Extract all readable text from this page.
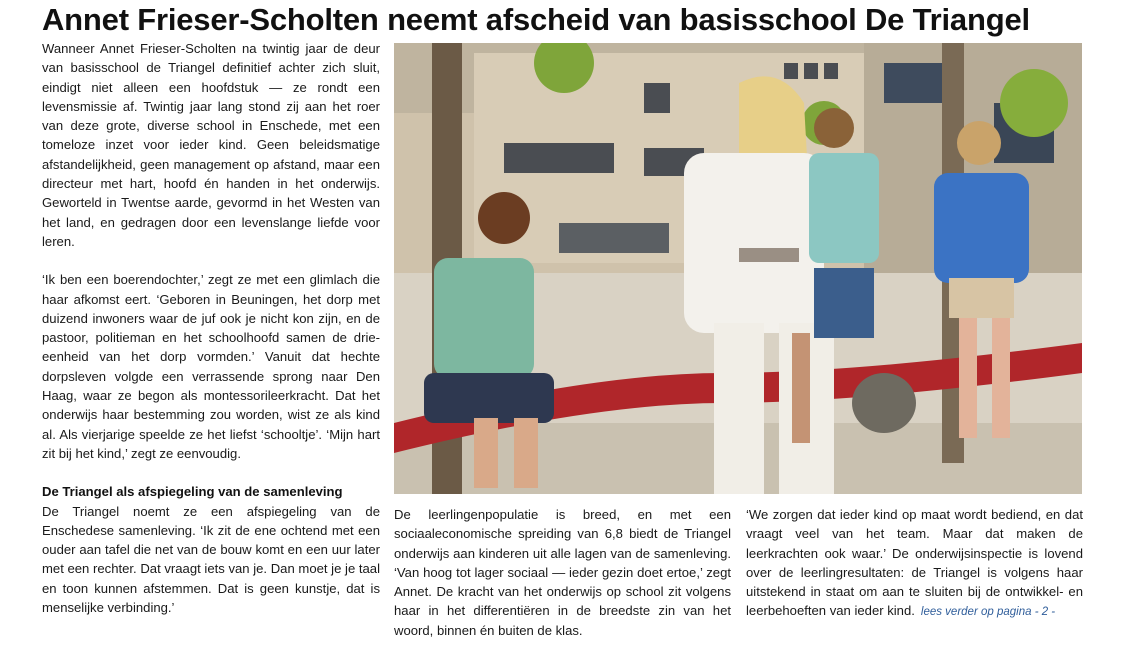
Annet Frieser-Scholten neemt afscheid van basisschool De Triangel

Wanneer Annet Frieser-Scholten na twintig jaar de deur van basisschool de Triangel definitief achter zich sluit, eindigt niet alleen een hoofdstuk — ze rondt een levensmissie af. Twintig jaar lang stond zij aan het roer van deze grote, diverse school in Enschede, met een tomeloze inzet voor ieder kind. Geen beleidsmatige afstandelijkheid, geen management op afstand, maar een directeur met hart, hoofd én handen in het onderwijs. Geworteld in Twentse aarde, gevormd in het Westen van het land, en gedragen door een levenslange liefde voor leren.

‘Ik ben een boerendochter,’ zegt ze met een glimlach die haar afkomst eert. ‘Geboren in Beuningen, het dorp met duizend inwoners waar de juf ook je nicht kon zijn, en de pastoor, politieman en het schoolhoofd samen de drie-eenheid van het dorp vormden.’ Vanuit dat hechte dorpsleven volgde een verrassende sprong naar Den Haag, waar ze begon als montessorileerkracht. Dat het onderwijs haar bestemming zou worden, wist ze als kind al. Als vierjarige speelde ze het liefst ‘schooltje’. ‘Mijn hart zit bij het kind,’ zegt ze eenvoudig.

De Triangel als afspiegeling van de samenleving

De Triangel noemt ze een afspiegeling van de Enschedese samenleving. ‘Ik zit de ene ochtend met een ouder aan tafel die net van de bouw komt en een uur later met een rechter. Dat vraagt iets van je. Dan moet je je taal en toon kunnen afstemmen. Dat is geen kunstje, dat is menselijke verbinding.’

De leerlingenpopulatie is breed, en met een sociaaleconomische spreiding van 6,8 biedt de Triangel onderwijs aan kinderen uit alle lagen van de samenleving. ‘Van hoog tot lager sociaal — ieder gezin doet ertoe,’ zegt Annet. De kracht van het onderwijs op school zit volgens haar in het differentiëren in de breedste zin van het woord, binnen én buiten de klas.

‘We zorgen dat ieder kind op maat wordt bediend, en dat vraagt veel van het team. Maar dat maken de leerkrachten ook waar.’ De onderwijsinspectie is lovend over de leerlingresultaten: de Triangel is volgens haar uitstekend in staat om aan te sluiten bij de ontwikkel- en leerbehoeften van ieder kind. lees verder op pagina - 2 -
